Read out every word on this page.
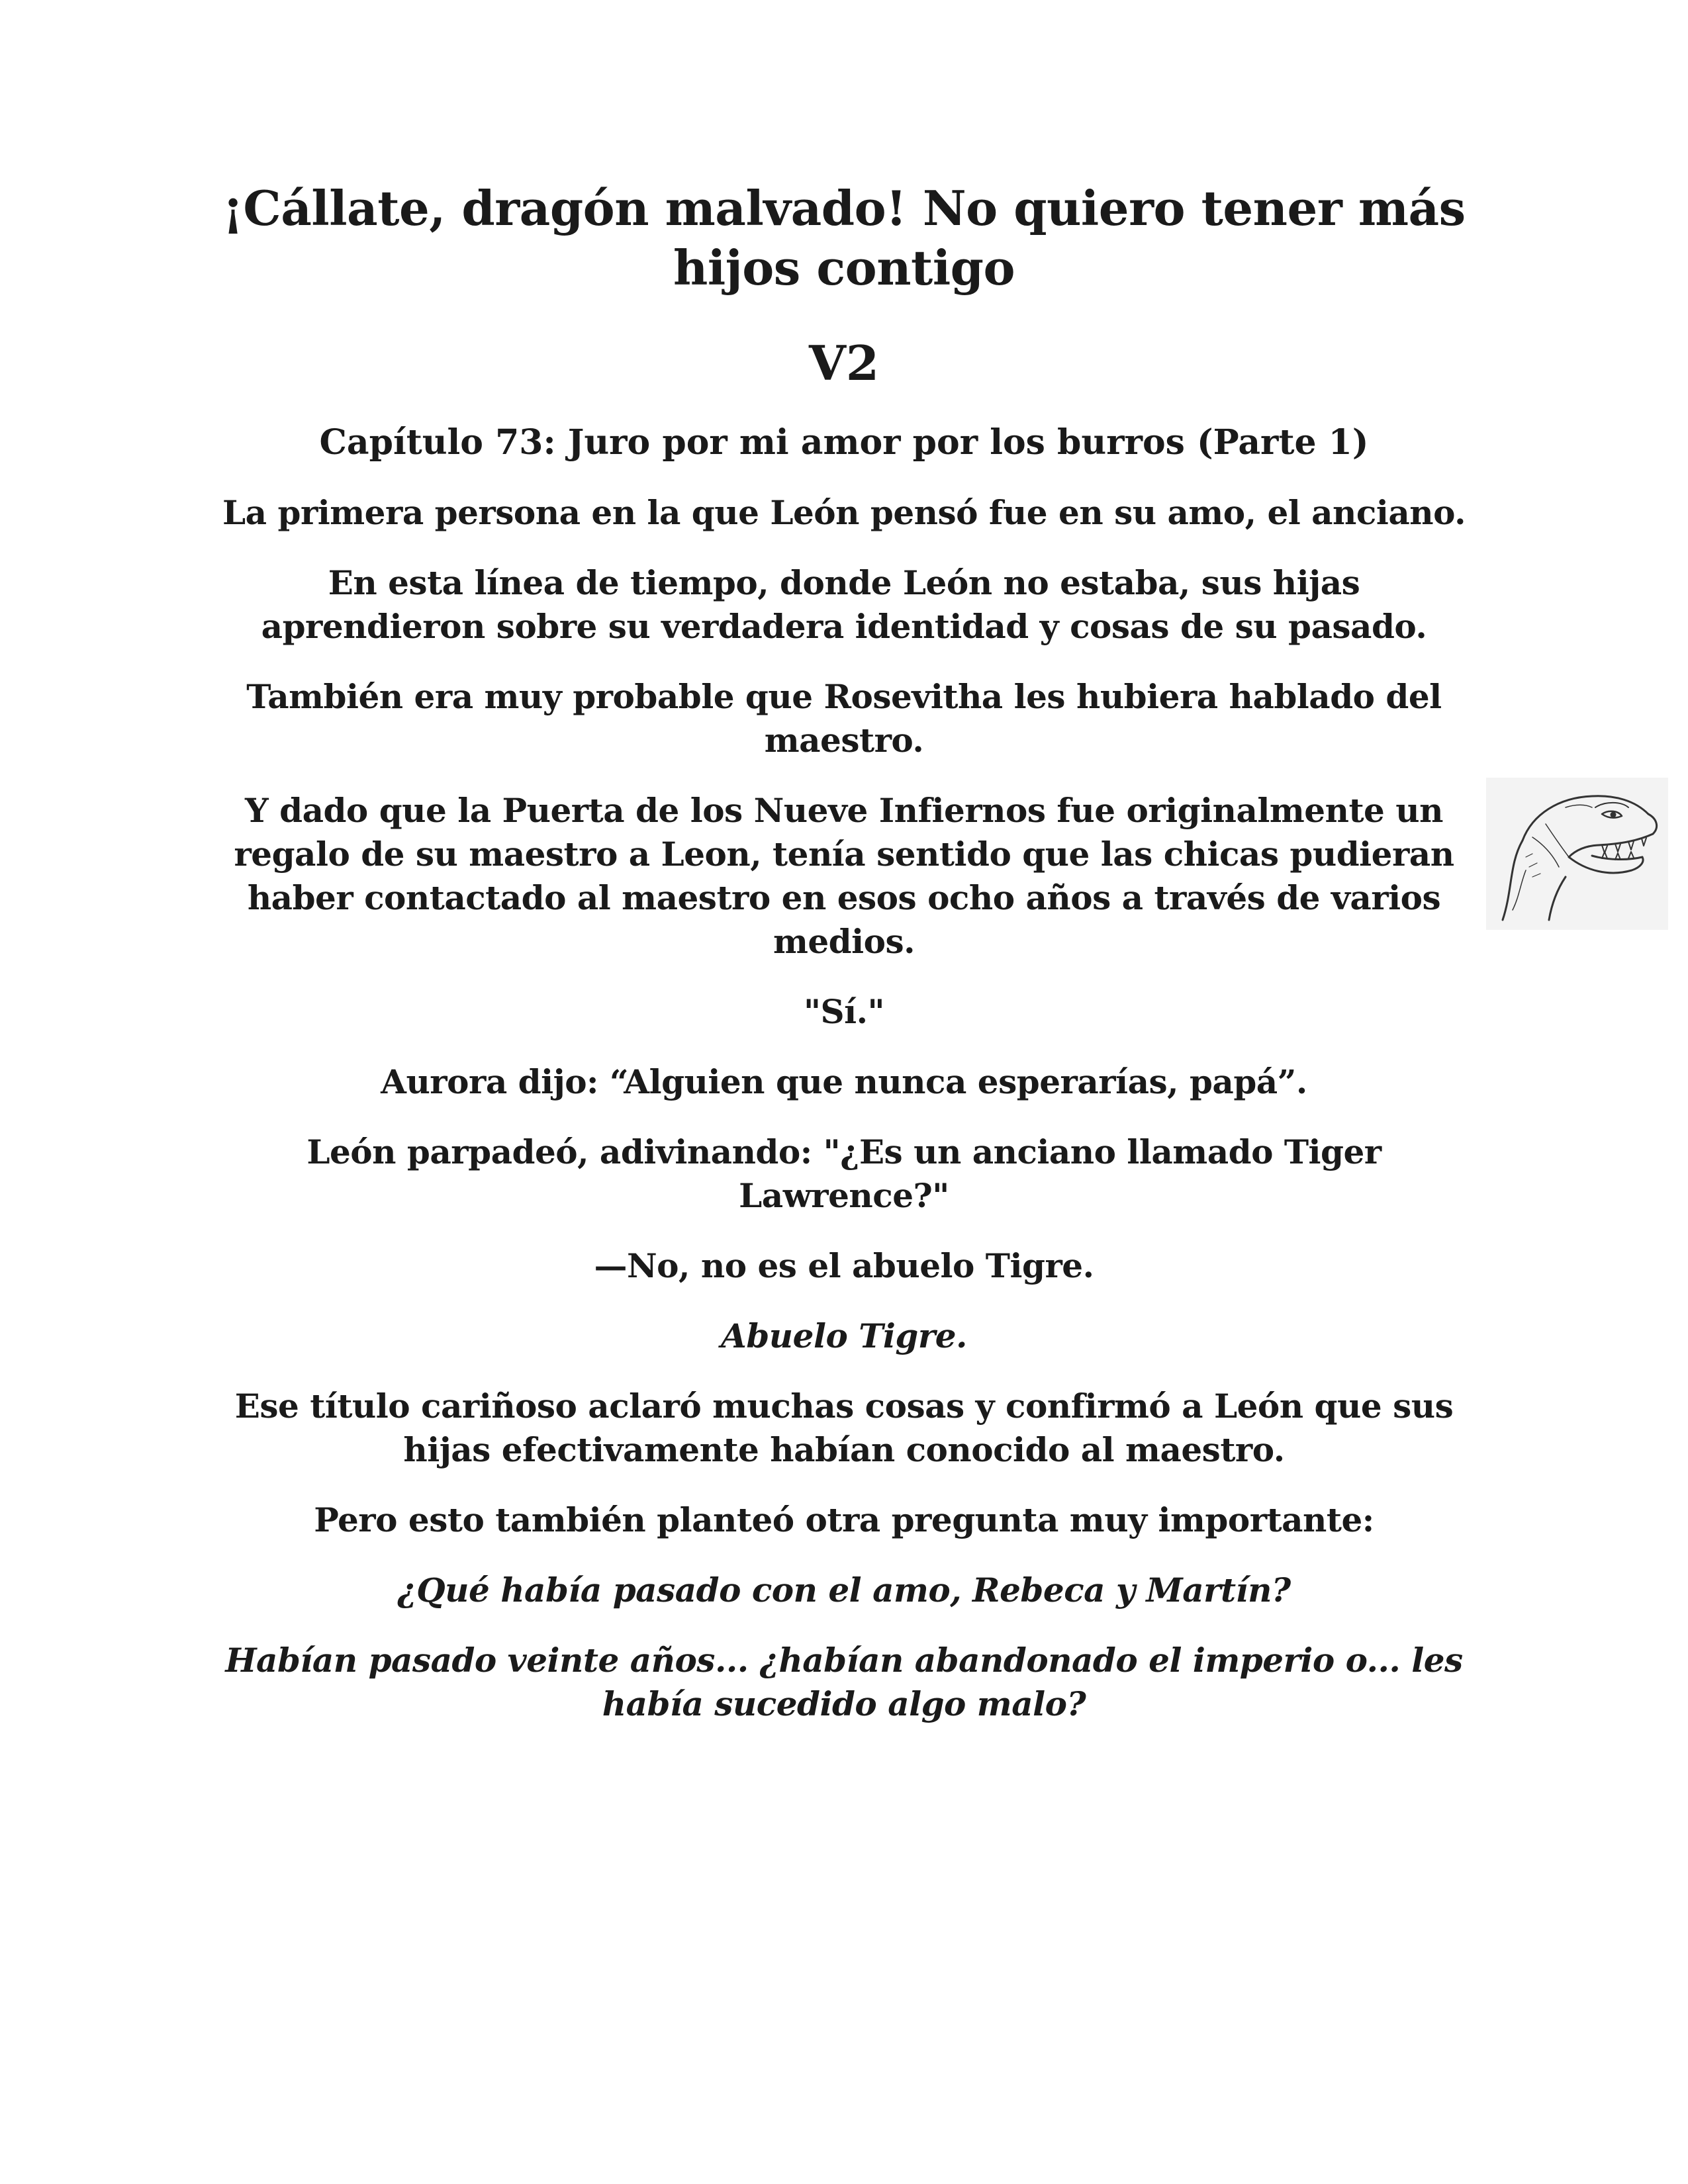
¡Cállate, dragón malvado! No quiero tener más hijos contigo
V2
Capítulo 73: Juro por mi amor por los burros (Parte 1)

La primera persona en la que León pensó fue en su amo, el anciano.

En esta línea de tiempo, donde León no estaba, sus hijas aprendieron sobre su verdadera identidad y cosas de su pasado.

También era muy probable que Rosevitha les hubiera hablado del maestro.

Y dado que la Puerta de los Nueve Infiernos fue originalmente un regalo de su maestro a Leon, tenía sentido que las chicas pudieran haber contactado al maestro en esos ocho años a través de varios medios.

"Sí."

Aurora dijo: “Alguien que nunca esperarías, papá”.

León parpadeó, adivinando: "¿Es un anciano llamado Tiger Lawrence?"

—No, no es el abuelo Tigre.

Abuelo Tigre.

Ese título cariñoso aclaró muchas cosas y confirmó a León que sus hijas efectivamente habían conocido al maestro.

Pero esto también planteó otra pregunta muy importante:

¿Qué había pasado con el amo, Rebeca y Martín?

Habían pasado veinte años... ¿habían abandonado el imperio o... les había sucedido algo malo?
